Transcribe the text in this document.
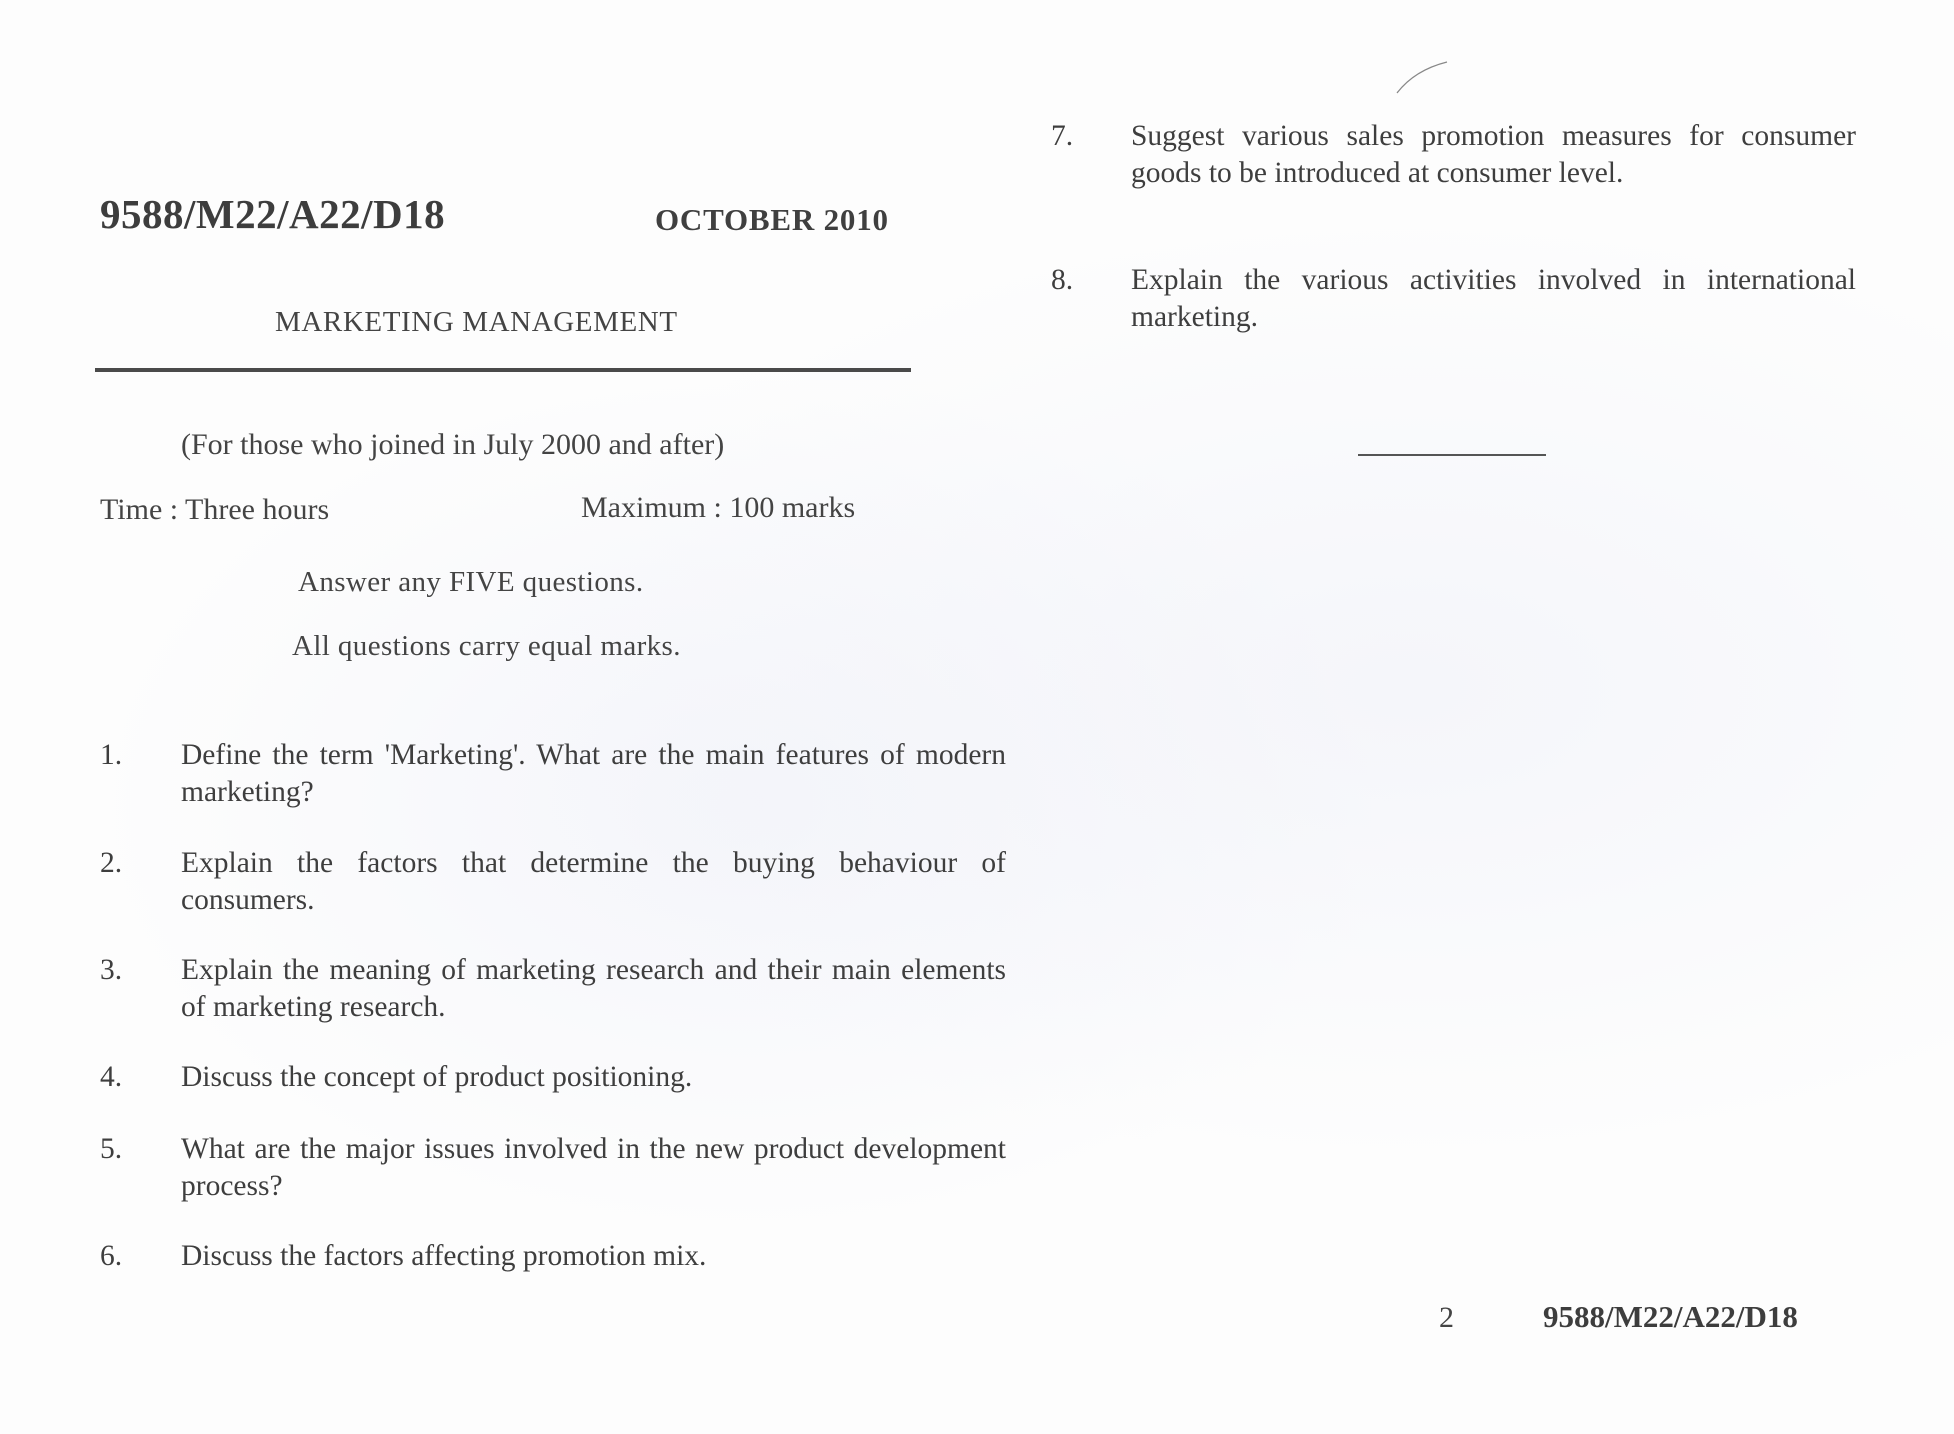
9588/M22/A22/D18	OCTOBER 2010
MARKETING MANAGEMENT
(For those who joined in July 2000 and after)
Time : Three hours	Maximum : 100 marks
Answer any FIVE questions.
All questions carry equal marks.
1. Define the term 'Marketing'. What are the main features of modern marketing?
2. Explain the factors that determine the buying behaviour of consumers.
3. Explain the meaning of marketing research and their main elements of marketing research.
4. Discuss the concept of product positioning.
5. What are the major issues involved in the new product development process?
6. Discuss the factors affecting promotion mix.
7. Suggest various sales promotion measures for consumer goods to be introduced at consumer level.
8. Explain the various activities involved in international marketing.
2	9588/M22/A22/D18
